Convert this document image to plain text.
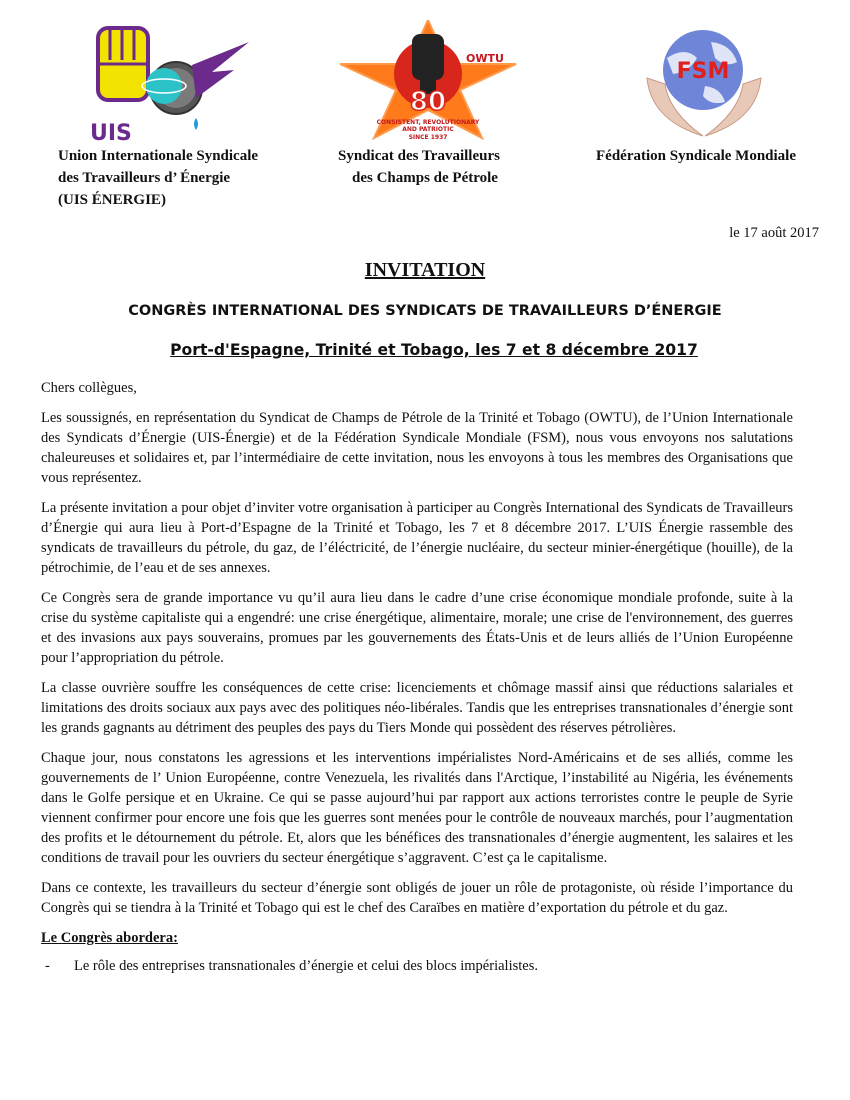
UIS
OWTU
80
CONSISTENT, REVOLUTIONARY
AND PATRIOTIC
SINCE 1937
FSM
Union Internationale Syndicale
des Travailleurs d’ Énergie
(UIS ÉNERGIE)
Syndicat des Travailleurs
des Champs de Pétrole
Fédération Syndicale Mondiale
le 17 août 2017
INVITATION
CONGRÈS INTERNATIONAL DES SYNDICATS DE TRAVAILLEURS D’ÉNERGIE
Port-d'Espagne, Trinité et Tobago, les 7 et 8 décembre 2017

Chers collègues,

Les soussignés, en représentation du Syndicat de Champs de Pétrole de la Trinité et Tobago (OWTU), de l’Union Internationale des Syndicats d’Énergie (UIS-Énergie) et de la Fédération Syndicale Mondiale (FSM), nous vous envoyons nos salutations chaleureuses et solidaires et, par l’intermédiaire de cette invitation, nous les envoyons à tous les membres des Organisations que vous représentez.

La présente invitation a pour objet d’inviter votre organisation à participer au Congrès International des Syndicats de Travailleurs d’Énergie qui aura lieu à Port-d’Espagne de la Trinité et Tobago, les 7 et 8 décembre 2017. L’UIS Énergie rassemble des syndicats de travailleurs du pétrole, du gaz, de l’éléctricité, de l’énergie nucléaire, du secteur minier-énergétique (houille), de la pétrochimie, de l’eau et de ses annexes.

Ce Congrès sera de grande importance vu qu’il aura lieu dans le cadre d’une crise économique mondiale profonde, suite à la crise du système capitaliste qui a engendré: une crise énergétique, alimentaire, morale; une crise de l'environnement, des guerres et des invasions aux pays souverains, promues par les gouvernements des États-Unis et de leurs alliés de l’Union Européenne pour l’appropriation du pétrole.

La classe ouvrière souffre les conséquences de cette crise: licenciements et chômage massif ainsi que réductions salariales et limitations des droits sociaux aux pays avec des politiques néo-libérales. Tandis que les entreprises transnationales d’énergie sont les grands gagnants au détriment des peuples des pays du Tiers Monde qui possèdent des réserves pétrolières.

Chaque jour, nous constatons les agressions et les interventions impérialistes Nord-Américains et de ses alliés, comme les gouvernements de l’ Union Européenne, contre Venezuela, les rivalités dans l'Arctique, l’instabilité au Nigéria, les événements dans le Golfe persique et en Ukraine. Ce qui se passe aujourd’hui par rapport aux actions terroristes contre le peuple de Syrie viennent confirmer pour encore une fois que les guerres sont menées pour le contrôle de nouveaux marchés, pour l’augmentation des profits et le détournement du pétrole. Et, alors que les bénéfices des transnationales d’énergie augmentent, les salaires et les conditions de travail pour les ouvriers du secteur énergétique s’aggravent. C’est ça le capitalisme.

Dans ce contexte, les travailleurs du secteur d’énergie sont obligés de jouer un rôle de protagoniste, où réside l’importance du Congrès qui se tiendra à la Trinité et Tobago qui est le chef des Caraïbes en matière d’exportation du pétrole et du gaz.

Le Congrès abordera:
-	Le rôle des entreprises transnationales d’énergie et celui des blocs impérialistes.
